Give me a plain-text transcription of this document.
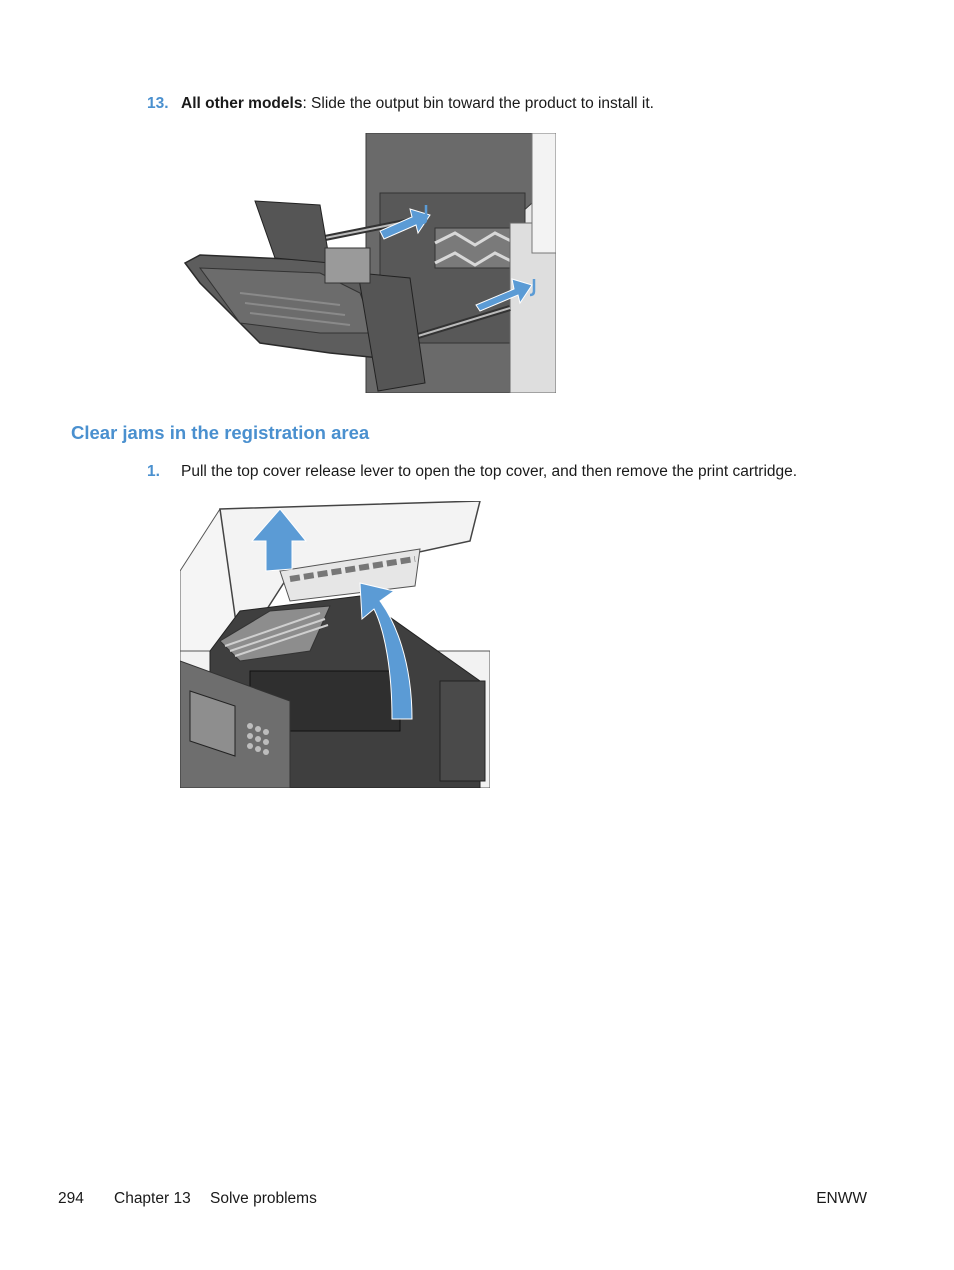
13. All other models: Slide the output bin toward the product to install it.
Clear jams in the registration area
1.	Pull the top cover release lever to open the top cover, and then remove the print cartridge.
294 Chapter 13 Solve problems	ENWW
